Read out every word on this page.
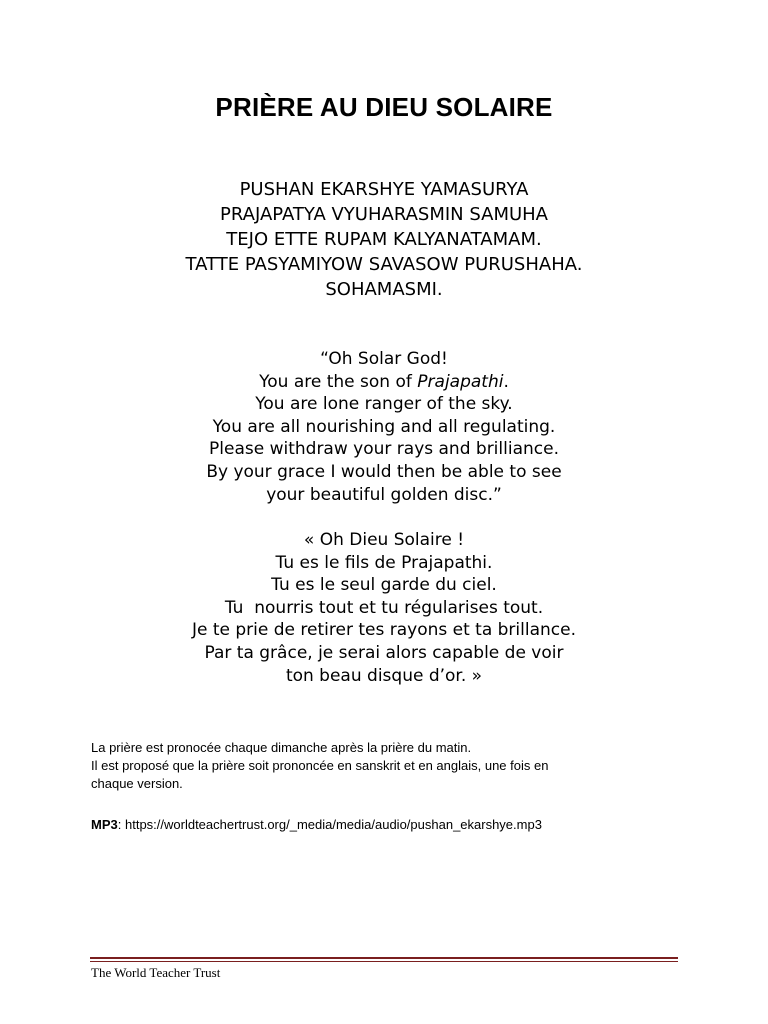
PRIÈRE AU DIEU SOLAIRE
PUSHAN EKARSHYE YAMASURYA
PRAJAPATYA VYUHARASMIN SAMUHA
TEJO ETTE RUPAM KALYANATAMAM.
TATTE PASYAMIYOW SAVASOW PURUSHAHA.
SOHAMASMI.
“Oh Solar God!
You are the son of Prajapathi.
You are lone ranger of the sky.
You are all nourishing and all regulating.
Please withdraw your rays and brilliance.
By your grace I would then be able to see
your beautiful golden disc.”
« Oh Dieu Solaire !
Tu es le fils de Prajapathi.
Tu es le seul garde du ciel.
Tu  nourris tout et tu régularises tout.
Je te prie de retirer tes rayons et ta brillance.
Par ta grâce, je serai alors capable de voir
ton beau disque d’or. »
La prière est pronocée chaque dimanche après la prière du matin.
Il est proposé que la prière soit prononcée en sanskrit et en anglais, une fois en
chaque version.
MP3: https://worldteachertrust.org/_media/media/audio/pushan_ekarshye.mp3
The World Teacher Trust
